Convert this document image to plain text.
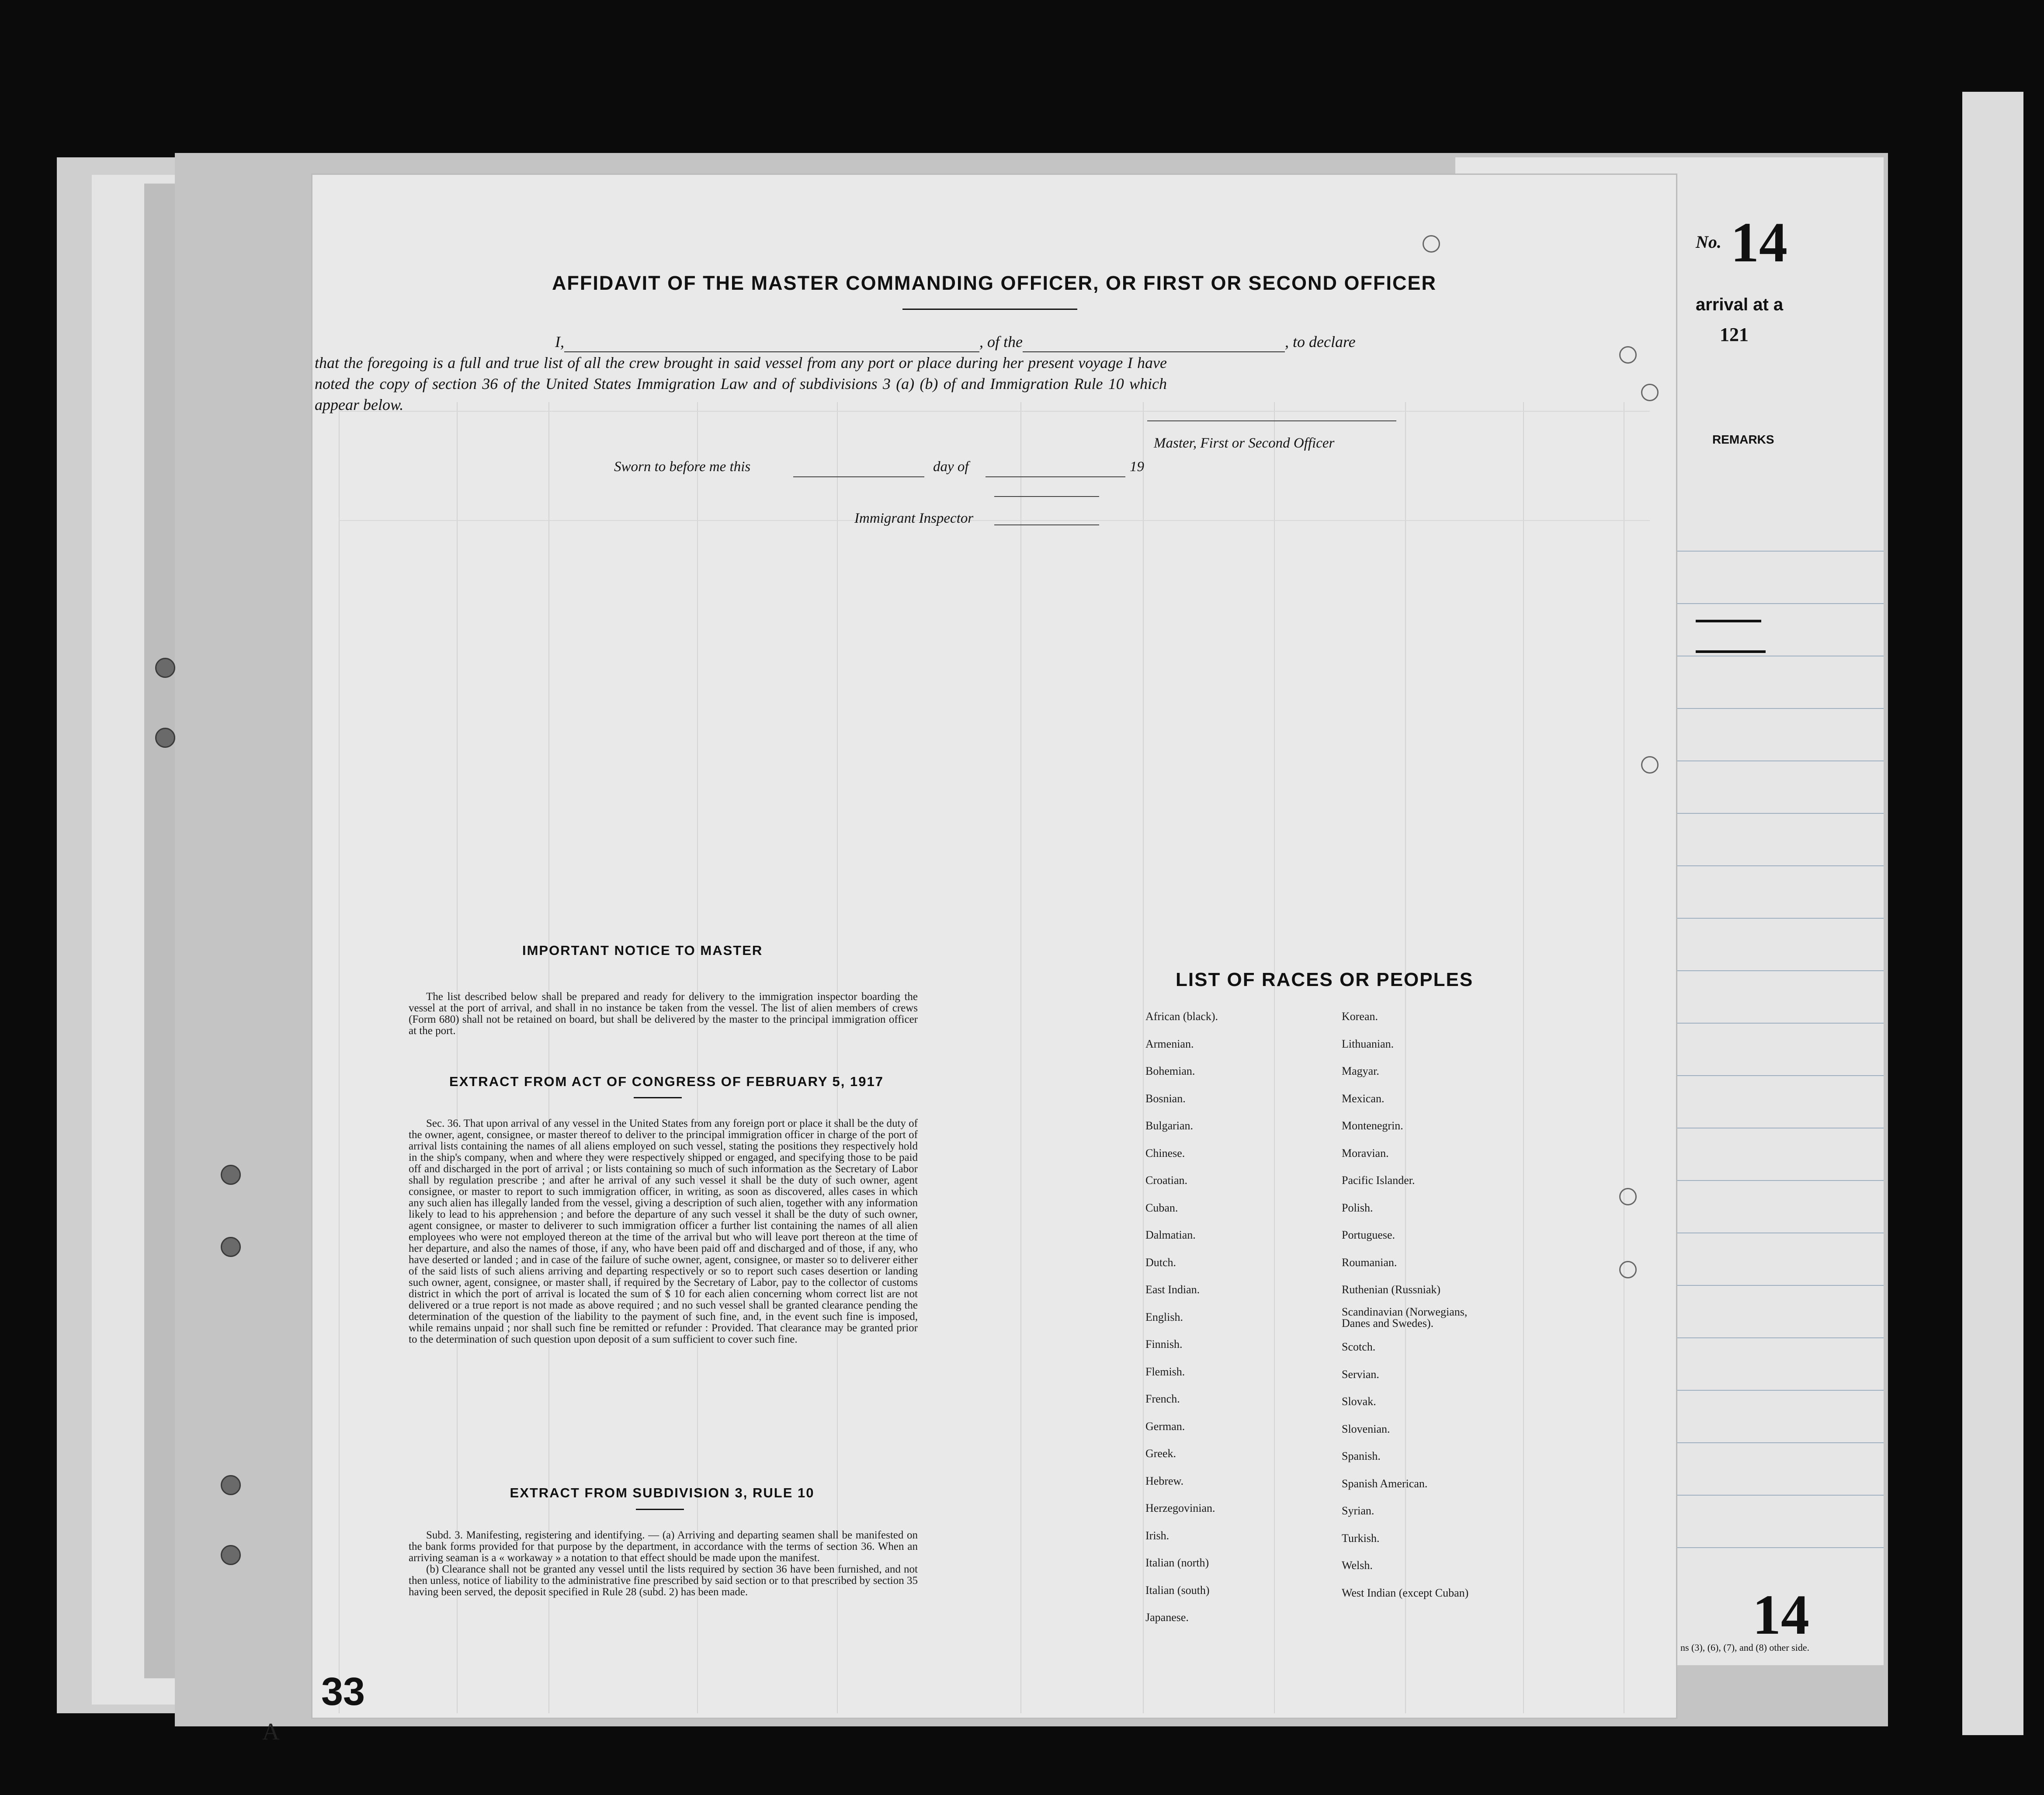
No. 14
arrival at a
121
REMARKS
14
ns (3), (6), (7), and (8) other side.
AFFIDAVIT OF THE MASTER COMMANDING OFFICER, OR FIRST OR SECOND OFFICER
I,	, of the	, to declare
that the foregoing is a full and true list of all the crew brought in said vessel from any port or place during her present voyage I have noted the copy of section 36 of the United States Immigration Law and of subdivisions 3 (a) (b) of and Immigration Rule 10 which appear below.
Master, First or Second Officer
Sworn to before me this	day of	19
Immigrant Inspector
IMPORTANT NOTICE TO MASTER
The list described below shall be prepared and ready for delivery to the immigration inspector boarding the vessel at the port of arrival, and shall in no instance be taken from the vessel. The list of alien members of crews (Form 680) shall not be retained on board, but shall be delivered by the master to the principal immigration officer at the port.
EXTRACT FROM ACT OF CONGRESS OF FEBRUARY 5, 1917
Sec. 36. That upon arrival of any vessel in the United States from any foreign port or place it shall be the duty of the owner, agent, consignee, or master thereof to deliver to the principal immigration officer in charge of the port of arrival lists containing the names of all aliens employed on such vessel, stating the positions they respectively hold in the ship's company, when and where they were respectively shipped or engaged, and specifying those to be paid off and discharged in the port of arrival ; or lists containing so much of such information as the Secretary of Labor shall by regulation prescribe ; and after he arrival of any such vessel it shall be the duty of such owner, agent consignee, or master to report to such immigration officer, in writing, as soon as discovered, alles cases in which any such alien has illegally landed from the vessel, giving a description of such alien, together with any information likely to lead to his apprehension ; and before the departure of any such vessel it shall be the duty of such owner, agent consignee, or master to deliverer to such immigration officer a further list containing the names of all alien employees who were not employed thereon at the time of the arrival but who will leave port thereon at the time of her departure, and also the names of those, if any, who have been paid off and discharged and of those, if any, who have deserted or landed ; and in case of the failure of suche owner, agent, consignee, or master so to deliverer either of the said lists of such aliens arriving and departing respectively or so to report such cases desertion or landing such owner, agent, consignee, or master shall, if required by the Secretary of Labor, pay to the collector of customs district in which the port of arrival is located the sum of $ 10 for each alien concerning whom correct list are not delivered or a true report is not made as above required ; and no such vessel shall be granted clearance pending the determination of the question of the liability to the payment of such fine, and, in the event such fine is imposed, while remains unpaid ; nor shall such fine be remitted or refunder : Provided. That clearance may be granted prior to the determination of such question upon deposit of a sum sufficient to cover such fine.
EXTRACT FROM SUBDIVISION 3, RULE 10
Subd. 3. Manifesting, registering and identifying. — (a) Arriving and departing seamen shall be manifested on the bank forms provided for that purpose by the department, in accordance with the terms of section 36. When an arriving seaman is a « workaway » a notation to that effect should be made upon the manifest.
(b) Clearance shall not be granted any vessel until the lists required by section 36 have been furnished, and not then unless, notice of liability to the administrative fine prescribed by said section or to that prescribed by section 35 having been served, the deposit specified in Rule 28 (subd. 2) has been made.
LIST OF RACES OR PEOPLES
African (black).
Armenian.
Bohemian.
Bosnian.
Bulgarian.
Chinese.
Croatian.
Cuban.
Dalmatian.
Dutch.
East Indian.
English.
Finnish.
Flemish.
French.
German.
Greek.
Hebrew.
Herzegovinian.
Irish.
Italian (north)
Italian (south)
Japanese.
Korean.
Lithuanian.
Magyar.
Mexican.
Montenegrin.
Moravian.
Pacific Islander.
Polish.
Portuguese.
Roumanian.
Ruthenian (Russniak)
Scandinavian (Norwegians, Danes and Swedes).
Scotch.
Servian.
Slovak.
Slovenian.
Spanish.
Spanish American.
Syrian.
Turkish.
Welsh.
West Indian (except Cuban)
33
A
